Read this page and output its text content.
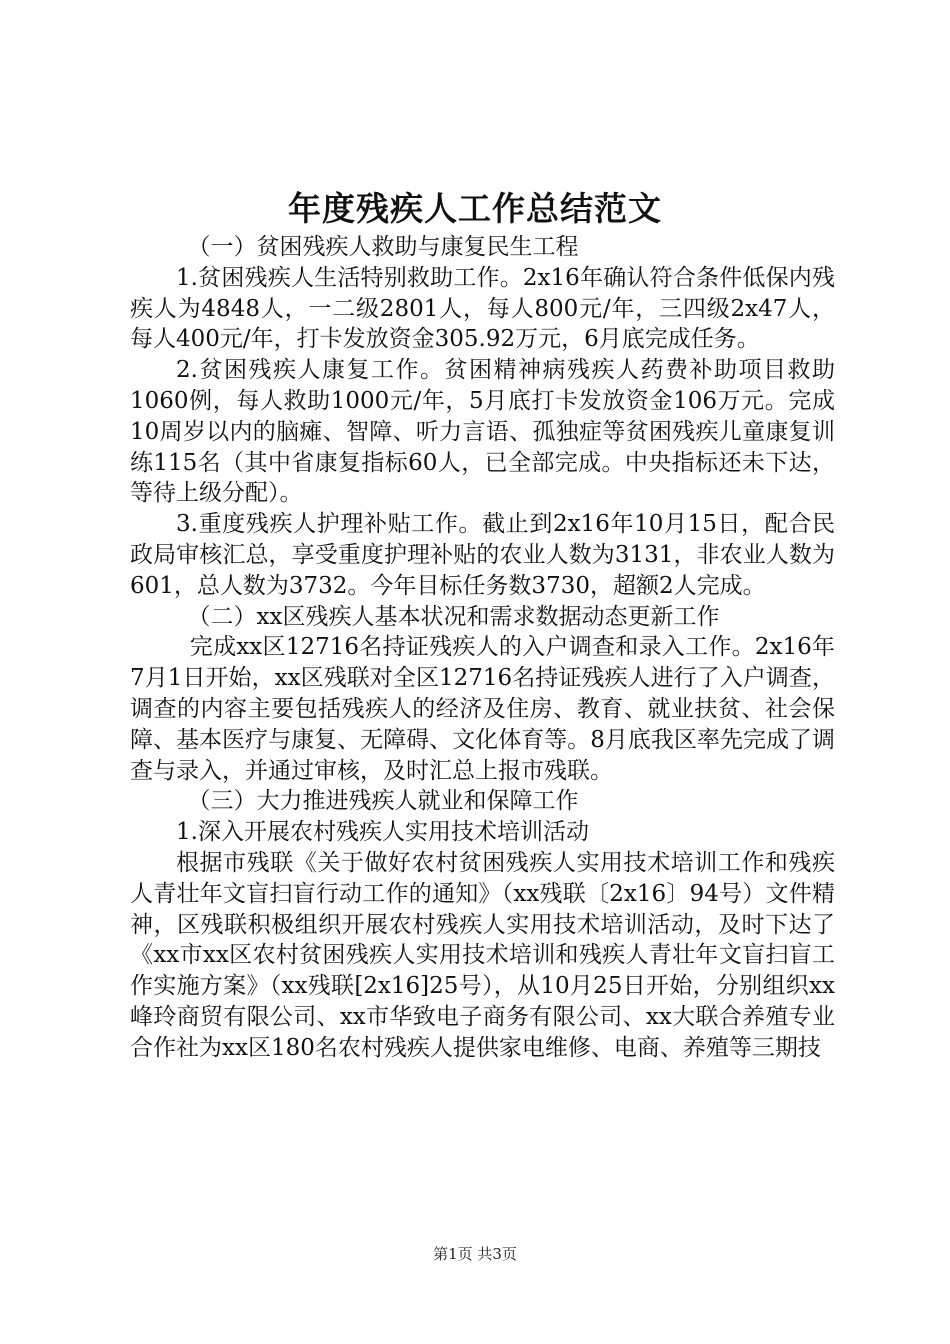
年度残疾人工作总结范文

（一）贫困残疾人救助与康复民生工程

1.贫困残疾人生活特别救助工作。2x16年确认符合条件低保内残疾人为4848人，一二级2801人，每人800元/年，三四级2x47人，每人400元/年，打卡发放资金305.92万元，6月底完成任务。

2.贫困残疾人康复工作。贫困精神病残疾人药费补助项目救助1060例，每人救助1000元/年，5月底打卡发放资金106万元。完成10周岁以内的脑瘫、智障、听力言语、孤独症等贫困残疾儿童康复训练115名（其中省康复指标60人，已全部完成。中央指标还未下达，等待上级分配）。

3.重度残疾人护理补贴工作。截止到2x16年10月15日，配合民政局审核汇总，享受重度护理补贴的农业人数为3131，非农业人数为601，总人数为3732。今年目标任务数3730，超额2人完成。

（二）xx区残疾人基本状况和需求数据动态更新工作

完成xx区12716名持证残疾人的入户调查和录入工作。2x16年7月1日开始，xx区残联对全区12716名持证残疾人进行了入户调查，调查的内容主要包括残疾人的经济及住房、教育、就业扶贫、社会保障、基本医疗与康复、无障碍、文化体育等。8月底我区率先完成了调查与录入，并通过审核，及时汇总上报市残联。

（三）大力推进残疾人就业和保障工作

1.深入开展农村残疾人实用技术培训活动

根据市残联《关于做好农村贫困残疾人实用技术培训工作和残疾人青壮年文盲扫盲行动工作的通知》（xx残联〔2x16〕94号）文件精神，区残联积极组织开展农村残疾人实用技术培训活动，及时下达了《xx市xx区农村贫困残疾人实用技术培训和残疾人青壮年文盲扫盲工作实施方案》（xx残联[2x16]25号），从10月25日开始，分别组织xx峰玲商贸有限公司、xx市华致电子商务有限公司、xx大联合养殖专业合作社为xx区180名农村残疾人提供家电维修、电商、养殖等三期技

第1页 共3页
